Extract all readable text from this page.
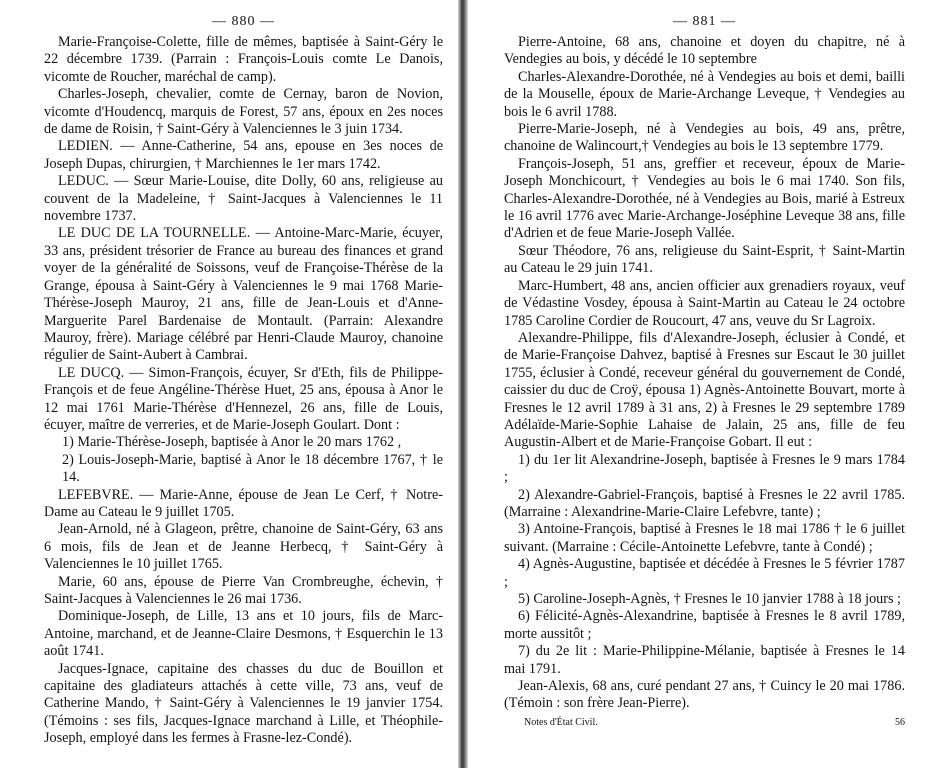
— 880 —

Marie-Françoise-Colette, fille de mêmes, baptisée à Saint-Géry le 22 décembre 1739. (Parrain : François-Louis comte Le Danois, vicomte de Roucher, maréchal de camp).

Charles-Joseph, chevalier, comte de Cernay, baron de Novion, vicomte d'Houdencq, marquis de Forest, 57 ans, époux en 2es noces de dame de Roisin, † Saint-Géry à Valenciennes le 3 juin 1734.

LEDIEN. — Anne-Catherine, 54 ans, epouse en 3es noces de Joseph Dupas, chirurgien, † Marchiennes le 1er mars 1742.

LEDUC. — Sœur Marie-Louise, dite Dolly, 60 ans, religieuse au couvent de la Madeleine, † Saint-Jacques à Valenciennes le 11 novembre 1737.

LE DUC DE LA TOURNELLE. — Antoine-Marc-Marie, écuyer, 33 ans, président trésorier de France au bureau des finances et grand voyer de la généralité de Soissons, veuf de Françoise-Thérèse de la Grange, épousa à Saint-Géry à Valenciennes le 9 mai 1768 Marie-Thérèse-Joseph Mauroy, 21 ans, fille de Jean-Louis et d'Anne-Marguerite Parel Bardenaise de Montault. (Parrain: Alexandre Mauroy, frère). Mariage célébré par Henri-Claude Mauroy, chanoine régulier de Saint-Aubert à Cambrai.

LE DUCQ. — Simon-François, écuyer, Sr d'Eth, fils de Philippe-François et de feue Angéline-Thérèse Huet, 25 ans, épousa à Anor le 12 mai 1761 Marie-Thérèse d'Hennezel, 26 ans, fille de Louis, écuyer, maître de verreries, et de Marie-Joseph Goulart. Dont :

1) Marie-Thérèse-Joseph, baptisée à Anor le 20 mars 1762 ,

2) Louis-Joseph-Marie, baptisé à Anor le 18 décembre 1767, † le 14.

LEFEBVRE. — Marie-Anne, épouse de Jean Le Cerf, † Notre-Dame au Cateau le 9 juillet 1705.

Jean-Arnold, né à Glageon, prêtre, chanoine de Saint-Géry, 63 ans 6 mois, fils de Jean et de Jeanne Herbecq, † Saint-Géry à Valenciennes le 10 juillet 1765.

Marie, 60 ans, épouse de Pierre Van Crombreughe, échevin, † Saint-Jacques à Valenciennes le 26 mai 1736.

Dominique-Joseph, de Lille, 13 ans et 10 jours, fils de Marc-Antoine, marchand, et de Jeanne-Claire Desmons, † Esquerchin le 13 août 1741.

Jacques-Ignace, capitaine des chasses du duc de Bouillon et capitaine des gladiateurs attachés à cette ville, 73 ans, veuf de Catherine Mando, † Saint-Géry à Valenciennes le 19 janvier 1754. (Témoins : ses fils, Jacques-Ignace marchand à Lille, et Théophile-Joseph, employé dans les fermes à Frasne-lez-Condé).

— 881 —

Pierre-Antoine, 68 ans, chanoine et doyen du chapitre, né à Vendegies au bois, y décédé le 10 septembre

Charles-Alexandre-Dorothée, né à Vendegies au bois et demi, bailli de la Mouselle, époux de Marie-Archange Leveque, † Vendegies au bois le 6 avril 1788.

Pierre-Marie-Joseph, né à Vendegies au bois, 49 ans, prêtre, chanoine de Walincourt,† Vendegies au bois le 13 septembre 1779.

François-Joseph, 51 ans, greffier et receveur, époux de Marie-Joseph Monchicourt, † Vendegies au bois le 6 mai 1740. Son fils, Charles-Alexandre-Dorothée, né à Vendegies au Bois, marié à Estreux le 16 avril 1776 avec Marie-Archange-Joséphine Leveque 38 ans, fille d'Adrien et de feue Marie-Joseph Vallée.

Sœur Théodore, 76 ans, religieuse du Saint-Esprit, † Saint-Martin au Cateau le 29 juin 1741.

Marc-Humbert, 48 ans, ancien officier aux grenadiers royaux, veuf de Védastine Vosdey, épousa à Saint-Martin au Cateau le 24 octobre 1785 Caroline Cordier de Roucourt, 47 ans, veuve du Sr Lagroix.

Alexandre-Philippe, fils d'Alexandre-Joseph, éclusier à Condé, et de Marie-Françoise Dahvez, baptisé à Fresnes sur Escaut le 30 juillet 1755, éclusier à Condé, receveur général du gouvernement de Condé, caissier du duc de Croÿ, épousa 1) Agnès-Antoinette Bouvart, morte à Fresnes le 12 avril 1789 à 31 ans, 2) à Fresnes le 29 septembre 1789 Adélaïde-Marie-Sophie Lahaise de Jalain, 25 ans, fille de feu Augustin-Albert et de Marie-Françoise Gobart. Il eut :

1) du 1er lit Alexandrine-Joseph, baptisée à Fresnes le 9 mars 1784 ;

2) Alexandre-Gabriel-François, baptisé à Fresnes le 22 avril 1785. (Marraine : Alexandrine-Marie-Claire Lefebvre, tante) ;

3) Antoine-François, baptisé à Fresnes le 18 mai 1786 † le 6 juillet suivant. (Marraine : Cécile-Antoinette Lefebvre, tante à Condé) ;

4) Agnès-Augustine, baptisée et décédée à Fresnes le 5 février 1787 ;

5) Caroline-Joseph-Agnès, † Fresnes le 10 janvier 1788 à 18 jours ;

6) Félicité-Agnès-Alexandrine, baptisée à Fresnes le 8 avril 1789, morte aussitôt ;

7) du 2e lit : Marie-Philippine-Mélanie, baptisée à Fresnes le 14 mai 1791.

Jean-Alexis, 68 ans, curé pendant 27 ans, † Cuincy le 20 mai 1786. (Témoin : son frère Jean-Pierre).

Notes d'État Civil.	56
